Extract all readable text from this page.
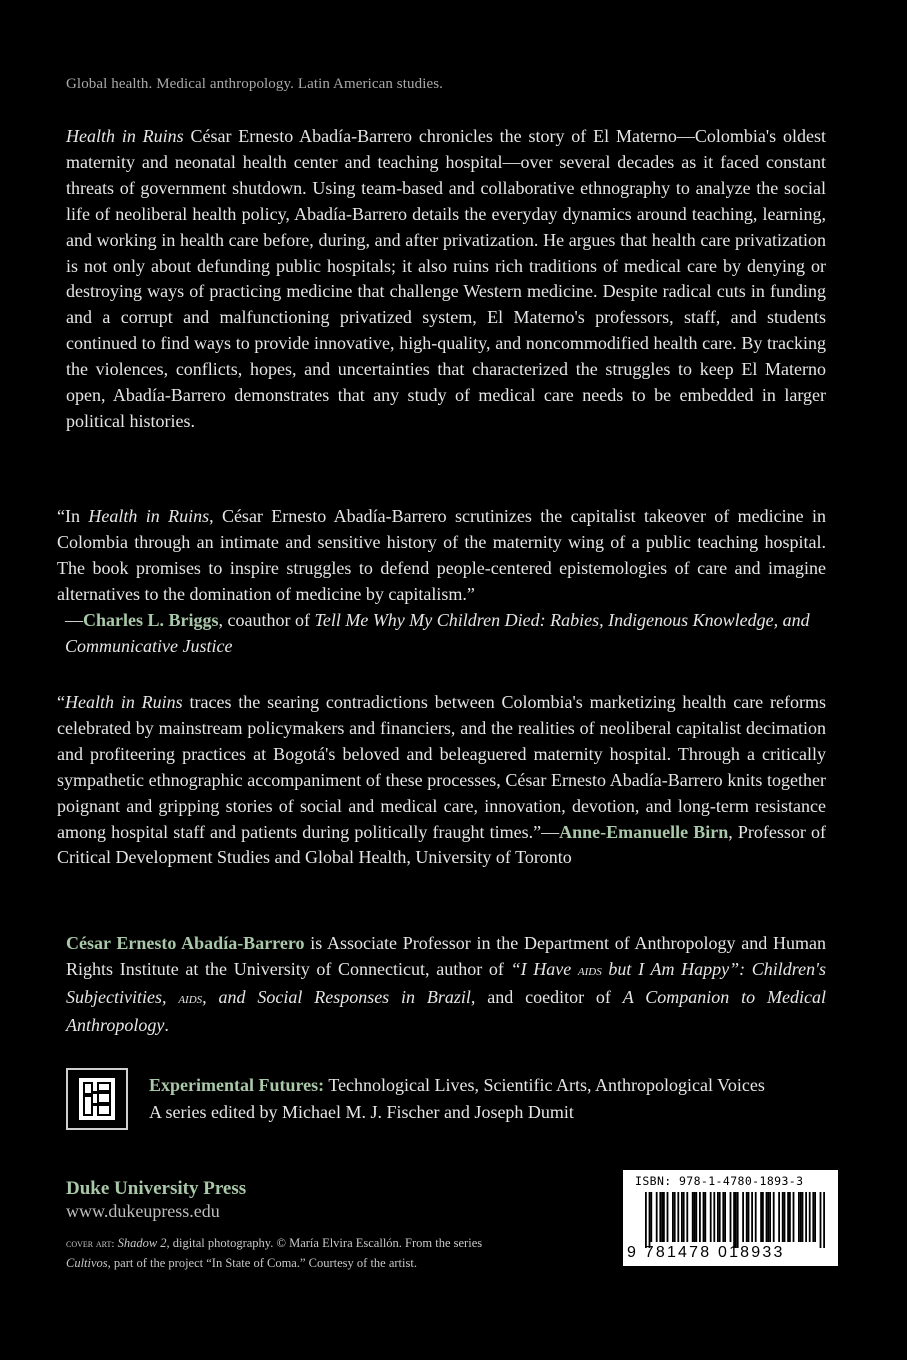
Global health. Medical anthropology. Latin American studies.

Health in Ruins César Ernesto Abadía-Barrero chronicles the story of El Materno—Colombia's oldest maternity and neonatal health center and teaching hospital—over several decades as it faced constant threats of government shutdown. Using team-based and collaborative ethnography to analyze the social life of neoliberal health policy, Abadía-Barrero details the everyday dynamics around teaching, learning, and working in health care before, during, and after privatization. He argues that health care privatization is not only about defunding public hospitals; it also ruins rich traditions of medical care by denying or destroying ways of practicing medicine that challenge Western medicine. Despite radical cuts in funding and a corrupt and malfunctioning privatized system, El Materno's professors, staff, and students continued to find ways to provide innovative, high-quality, and noncommodified health care. By tracking the violences, conflicts, hopes, and uncertainties that characterized the struggles to keep El Materno open, Abadía-Barrero demonstrates that any study of medical care needs to be embedded in larger political histories.

“In Health in Ruins, César Ernesto Abadía-Barrero scrutinizes the capitalist takeover of medicine in Colombia through an intimate and sensitive history of the maternity wing of a public teaching hospital. The book promises to inspire struggles to defend people-centered epistemologies of care and imagine alternatives to the domination of medicine by capitalism.”
—Charles L. Briggs, coauthor of Tell Me Why My Children Died: Rabies, Indigenous Knowledge, and Communicative Justice

“Health in Ruins traces the searing contradictions between Colombia's marketizing health care reforms celebrated by mainstream policymakers and financiers, and the realities of neoliberal capitalist decimation and profiteering practices at Bogotá's beloved and beleaguered maternity hospital. Through a critically sympathetic ethnographic accompaniment of these processes, César Ernesto Abadía-Barrero knits together poignant and gripping stories of social and medical care, innovation, devotion, and long-term resistance among hospital staff and patients during politically fraught times.”—Anne-Emanuelle Birn, Professor of Critical Development Studies and Global Health, University of Toronto

César Ernesto Abadía-Barrero is Associate Professor in the Department of Anthropology and Human Rights Institute at the University of Connecticut, author of “I Have aids but I Am Happy”: Children's Subjectivities, aids, and Social Responses in Brazil, and coeditor of A Companion to Medical Anthropology.

Experimental Futures: Technological Lives, Scientific Arts, Anthropological Voices
A series edited by Michael M. J. Fischer and Joseph Dumit
Duke University Press
www.dukeupress.edu
cover art: Shadow 2, digital photography. © María Elvira Escallón. From the series Cultivos, part of the project “In State of Coma.” Courtesy of the artist.
ISBN: 978-1-4780-1893-3
9 781478 018933
